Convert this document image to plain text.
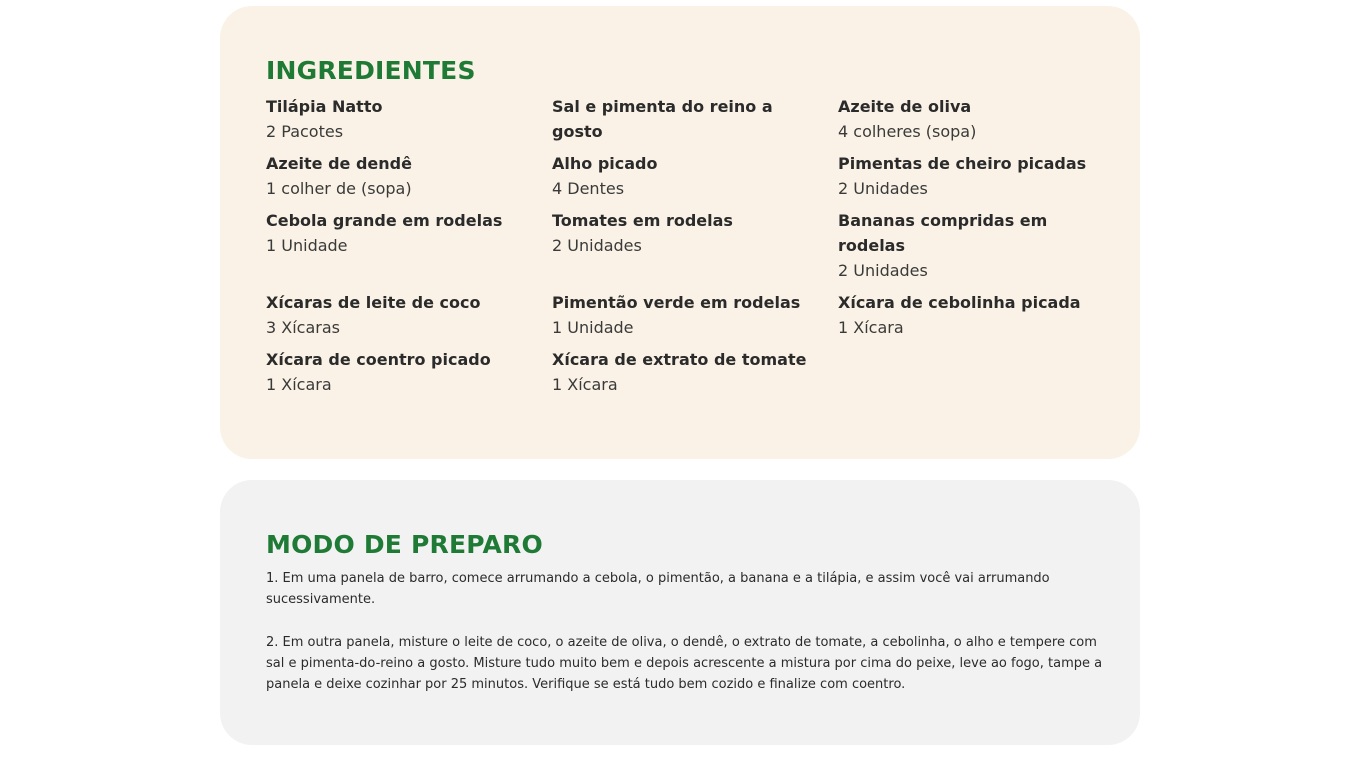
INGREDIENTES
Tilápia Natto
2 Pacotes
Sal e pimenta do reino a gosto
Azeite de oliva
4 colheres (sopa)
Azeite de dendê
1 colher de (sopa)
Alho picado
4 Dentes
Pimentas de cheiro picadas
2 Unidades
Cebola grande em rodelas
1 Unidade
Tomates em rodelas
2 Unidades
Bananas compridas em rodelas
2 Unidades
Xícaras de leite de coco
3 Xícaras
Pimentão verde em rodelas
1 Unidade
Xícara de cebolinha picada
1 Xícara
Xícara de coentro picado
1 Xícara
Xícara de extrato de tomate
1 Xícara
MODO DE PREPARO

1. Em uma panela de barro, comece arrumando a cebola, o pimentão, a banana e a tilápia, e assim você vai arrumando sucessivamente.

2. Em outra panela, misture o leite de coco, o azeite de oliva, o dendê, o extrato de tomate, a cebolinha, o alho e tempere com sal e pimenta-do-reino a gosto. Misture tudo muito bem e depois acrescente a mistura por cima do peixe, leve ao fogo, tampe a panela e deixe cozinhar por 25 minutos. Verifique se está tudo bem cozido e finalize com coentro.
